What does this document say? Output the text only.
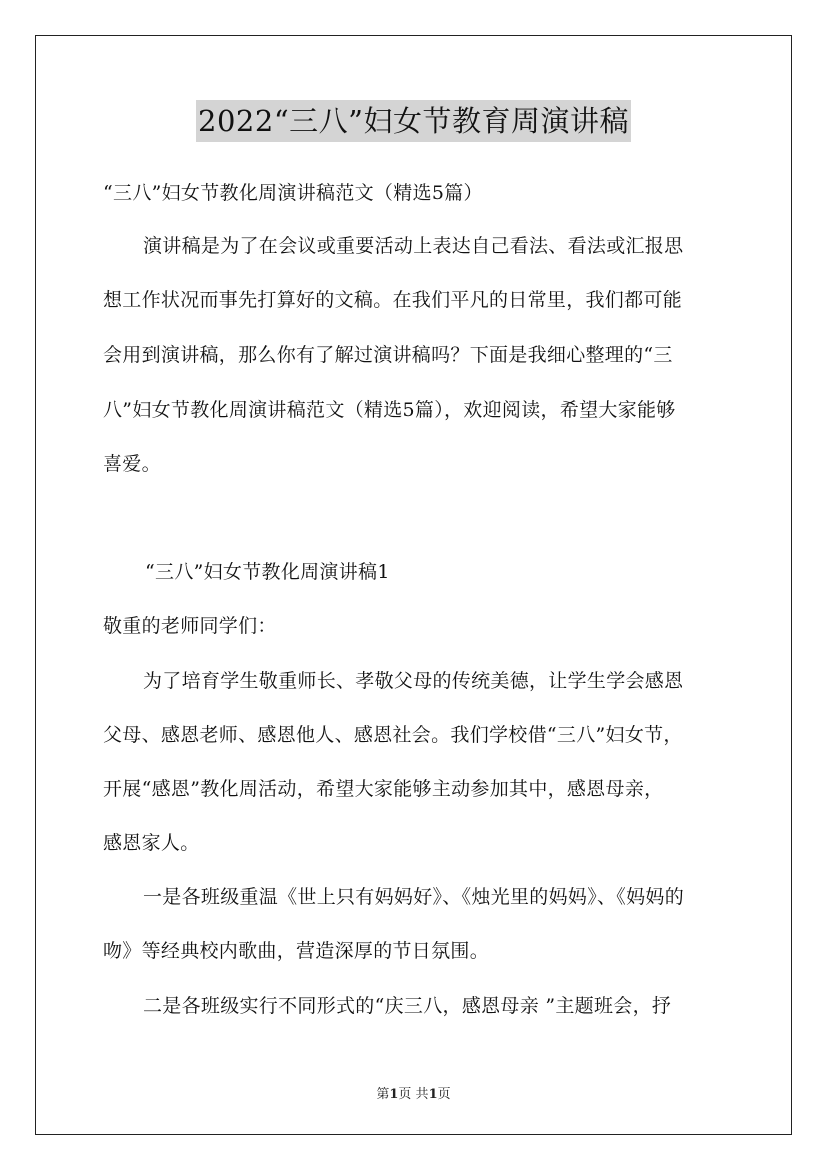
2022“三八”妇女节教育周演讲稿
“三八”妇女节教化周演讲稿范文（精选5篇）
演讲稿是为了在会议或重要活动上表达自己看法、看法或汇报思
想工作状况而事先打算好的文稿。在我们平凡的日常里，我们都可能
会用到演讲稿，那么你有了解过演讲稿吗？下面是我细心整理的“三
八”妇女节教化周演讲稿范文（精选5篇），欢迎阅读，希望大家能够
喜爱。
“三八”妇女节教化周演讲稿1
敬重的老师同学们：
为了培育学生敬重师长、孝敬父母的传统美德，让学生学会感恩
父母、感恩老师、感恩他人、感恩社会。我们学校借“三八”妇女节，
开展“感恩”教化周活动，希望大家能够主动参加其中，感恩母亲，
感恩家人。
一是各班级重温《世上只有妈妈好》、《烛光里的妈妈》、《妈妈的
吻》等经典校内歌曲，营造深厚的节日氛围。
二是各班级实行不同形式的“庆三八，感恩母亲 ”主题班会，抒
第1页 共1页
